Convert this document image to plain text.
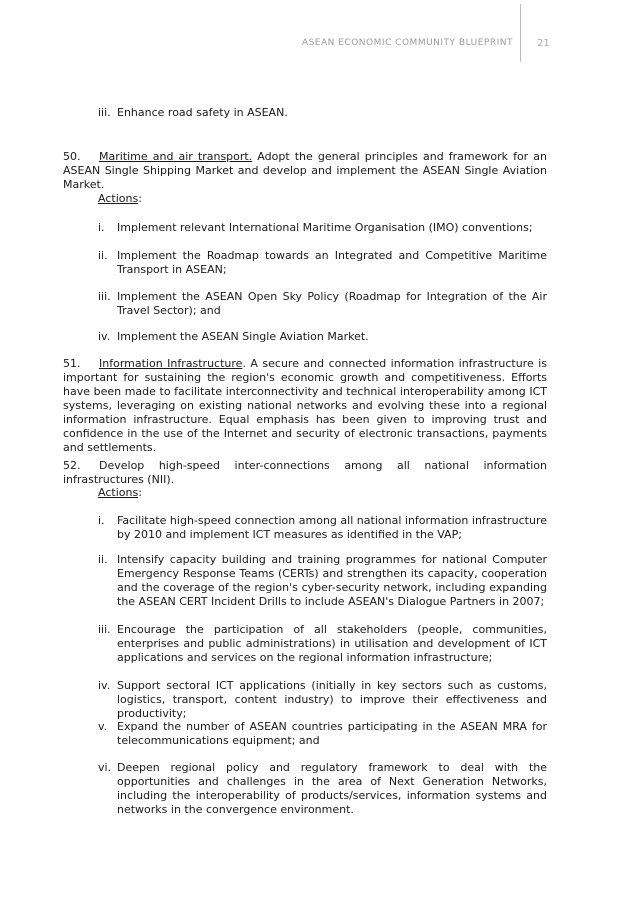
ASEAN ECONOMIC COMMUNITY BLUEPRINT 21
iii. Enhance road safety in ASEAN.

50. Maritime and air transport. Adopt the general principles and framework for an ASEAN Single Shipping Market and develop and implement the ASEAN Single Aviation Market.

Actions:
i. Implement relevant International Maritime Organisation (IMO) conventions;
ii. Implement the Roadmap towards an Integrated and Competitive Maritime Transport in ASEAN;
iii. Implement the ASEAN Open Sky Policy (Roadmap for Integration of the Air Travel Sector); and
iv. Implement the ASEAN Single Aviation Market.

51. Information Infrastructure. A secure and connected information infrastructure is important for sustaining the region's economic growth and competitiveness. Efforts have been made to facilitate interconnectivity and technical interoperability among ICT systems, leveraging on existing national networks and evolving these into a regional information infrastructure. Equal emphasis has been given to improving trust and confidence in the use of the Internet and security of electronic transactions, payments and settlements.

52. Develop high-speed inter-connections among all national information infrastructures (NII).

Actions:
i. Facilitate high-speed connection among all national information infrastructure by 2010 and implement ICT measures as identified in the VAP;
ii. Intensify capacity building and training programmes for national Computer Emergency Response Teams (CERTs) and strengthen its capacity, cooperation and the coverage of the region's cyber-security network, including expanding the ASEAN CERT Incident Drills to include ASEAN's Dialogue Partners in 2007;
iii. Encourage the participation of all stakeholders (people, communities, enterprises and public administrations) in utilisation and development of ICT applications and services on the regional information infrastructure;
iv. Support sectoral ICT applications (initially in key sectors such as customs, logistics, transport, content industry) to improve their effectiveness and productivity;
v. Expand the number of ASEAN countries participating in the ASEAN MRA for telecommunications equipment; and
vi. Deepen regional policy and regulatory framework to deal with the opportunities and challenges in the area of Next Generation Networks, including the interoperability of products/services, information systems and networks in the convergence environment.
